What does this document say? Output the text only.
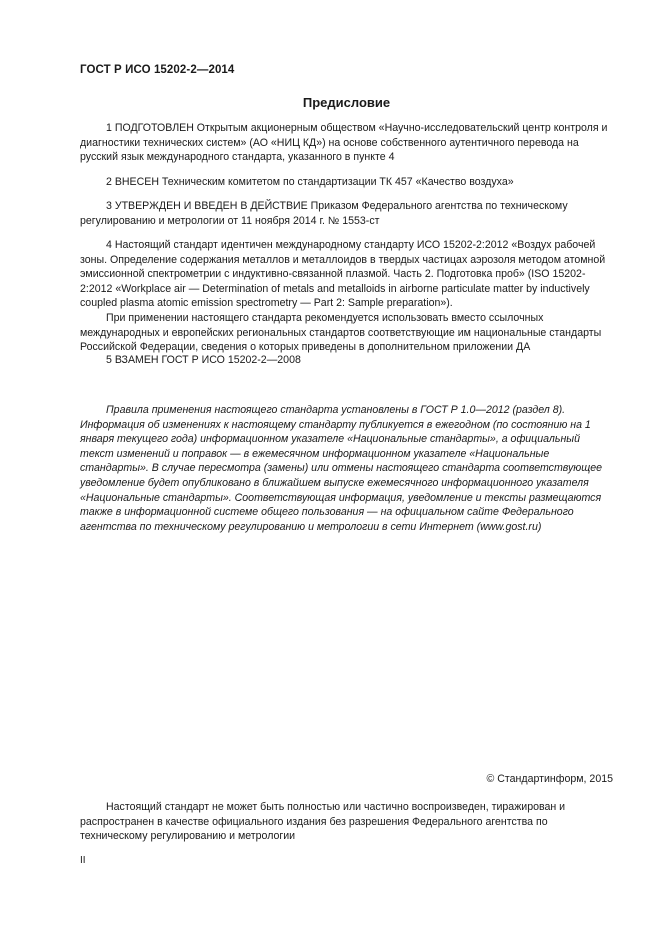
ГОСТ Р ИСО 15202-2—2014
Предисловие

1 ПОДГОТОВЛЕН Открытым акционерным обществом «Научно-исследовательский центр контроля и диагностики технических систем» (АО «НИЦ КД») на основе собственного аутентичного перевода на русский язык международного стандарта, указанного в пункте 4

2 ВНЕСЕН Техническим комитетом по стандартизации ТК 457 «Качество воздуха»

3 УТВЕРЖДЕН И ВВЕДЕН В ДЕЙСТВИЕ Приказом Федерального агентства по техническому регулированию и метрологии от 11 ноября 2014 г. № 1553-ст

4 Настоящий стандарт идентичен международному стандарту ИСО 15202-2:2012 «Воздух рабочей зоны. Определение содержания металлов и металлоидов в твердых частицах аэрозоля методом атомной эмиссионной спектрометрии с индуктивно-связанной плазмой. Часть 2. Подготовка проб» (ISO 15202-2:2012 «Workplace air — Determination of metals and metalloids in airborne particulate matter by inductively coupled plasma atomic emission spectrometry — Part 2: Sample preparation»).

При применении настоящего стандарта рекомендуется использовать вместо ссылочных международных и европейских региональных стандартов соответствующие им национальные стандарты Российской Федерации, сведения о которых приведены в дополнительном приложении ДА

5 ВЗАМЕН ГОСТ Р ИСО 15202-2—2008

Правила применения настоящего стандарта установлены в ГОСТ Р 1.0—2012 (раздел 8). Информация об изменениях к настоящему стандарту публикуется в ежегодном (по состоянию на 1 января текущего года) информационном указателе «Национальные стандарты», а официальный текст изменений и поправок — в ежемесячном информационном указателе «Национальные стандарты». В случае пересмотра (замены) или отмены настоящего стандарта соответствующее уведомление будет опубликовано в ближайшем выпуске ежемесячного информационного указателя «Национальные стандарты». Соответствующая информация, уведомление и тексты размещаются также в информационной системе общего пользования — на официальном сайте Федерального агентства по техническому регулированию и метрологии в сети Интернет (www.gost.ru)

© Стандартинформ, 2015

Настоящий стандарт не может быть полностью или частично воспроизведен, тиражирован и распространен в качестве официального издания без разрешения Федерального агентства по техническому регулированию и метрологии

II
